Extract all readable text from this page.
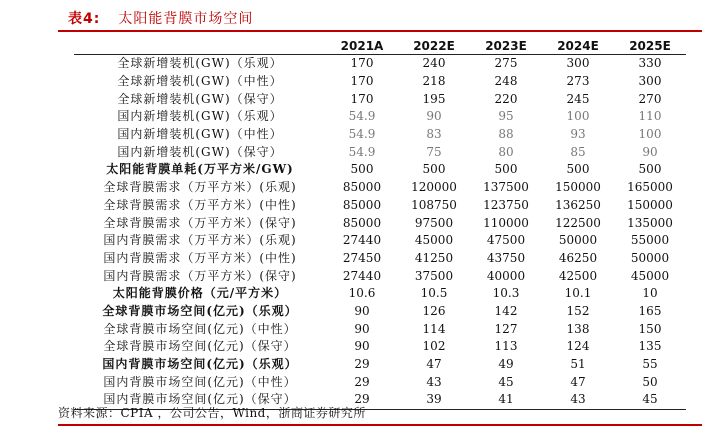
表4: 太阳能背膜市场空间
	2021A	2022E	2023E	2024E	2025E
全球新增装机(GW)（乐观）	170	240	275	300	330
全球新增装机(GW)（中性）	170	218	248	273	300
全球新增装机(GW)（保守）	170	195	220	245	270
国内新增装机(GW)（乐观）	54.9	90	95	100	110
国内新增装机(GW)（中性）	54.9	83	88	93	100
国内新增装机(GW)（保守）	54.9	75	80	85	90
太阳能背膜单耗(万平方米/GW)	500	500	500	500	500
全球背膜需求（万平方米）(乐观)	85000	120000	137500	150000	165000
全球背膜需求（万平方米）(中性)	85000	108750	123750	136250	150000
全球背膜需求（万平方米）(保守)	85000	97500	110000	122500	135000
国内背膜需求（万平方米）(乐观)	27440	45000	47500	50000	55000
国内背膜需求（万平方米）(中性)	27450	41250	43750	46250	50000
国内背膜需求（万平方米）(保守)	27440	37500	40000	42500	45000
太阳能背膜价格（元/平方米）	10.6	10.5	10.3	10.1	10
全球背膜市场空间(亿元)（乐观）	90	126	142	152	165
全球背膜市场空间(亿元)（中性）	90	114	127	138	150
全球背膜市场空间(亿元)（保守）	90	102	113	124	135
国内背膜市场空间(亿元)（乐观）	29	47	49	51	55
国内背膜市场空间(亿元)（中性）	29	43	45	47	50
国内背膜市场空间(亿元)（保守）	29	39	41	43	45
资料来源：CPIA ，公司公告，Wind，浙商证券研究所
